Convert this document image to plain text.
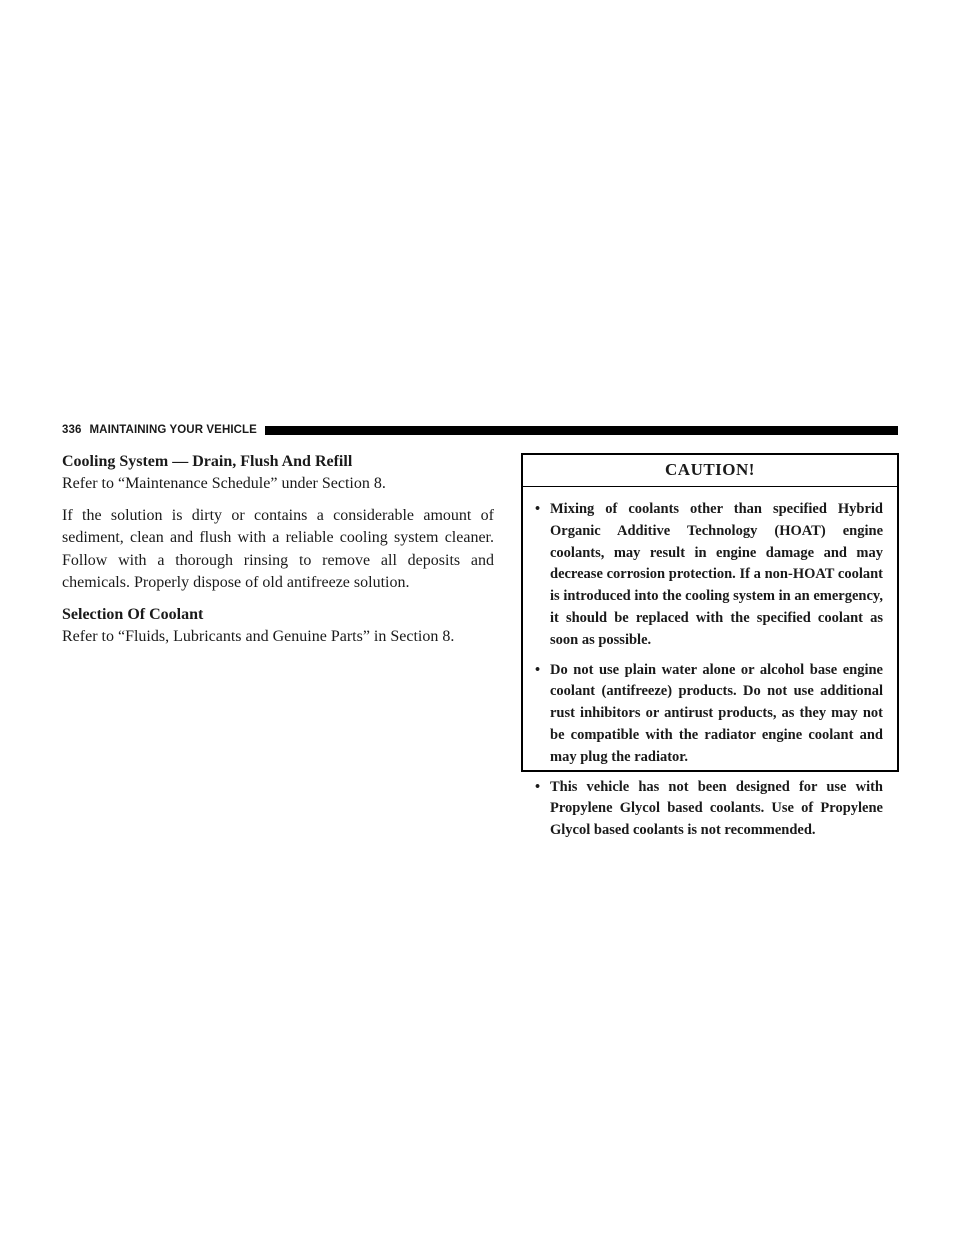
336 MAINTAINING YOUR VEHICLE
Cooling System — Drain, Flush And Refill

Refer to “Maintenance Schedule” under Section 8.

If the solution is dirty or contains a considerable amount of sediment, clean and flush with a reliable cooling system cleaner. Follow with a thorough rinsing to remove all deposits and chemicals. Properly dispose of old antifreeze solution.

Selection Of Coolant

Refer to “Fluids, Lubricants and Genuine Parts” in Section 8.

CAUTION!
• Mixing of coolants other than specified Hybrid Organic Additive Technology (HOAT) engine coolants, may result in engine damage and may decrease corrosion protection. If a non-HOAT coolant is introduced into the cooling system in an emergency, it should be replaced with the specified coolant as soon as possible.
• Do not use plain water alone or alcohol base engine coolant (antifreeze) products. Do not use additional rust inhibitors or antirust products, as they may not be compatible with the radiator engine coolant and may plug the radiator.
• This vehicle has not been designed for use with Propylene Glycol based coolants. Use of Propylene Glycol based coolants is not recommended.
